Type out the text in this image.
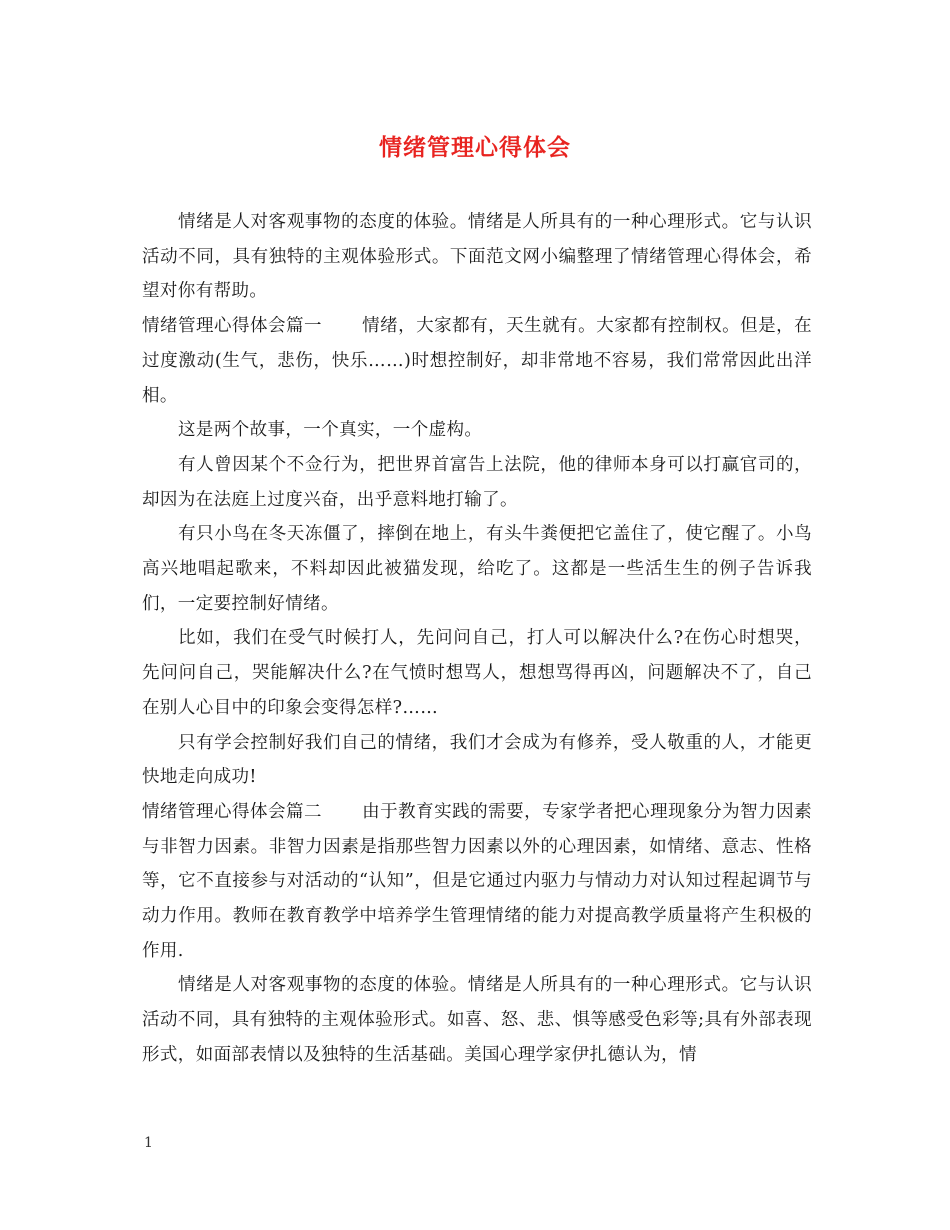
情绪管理心得体会

情绪是人对客观事物的态度的体验。情绪是人所具有的一种心理形式。它与认识活动不同，具有独特的主观体验形式。下面范文网小编整理了情绪管理心得体会，希望对你有帮助。

情绪管理心得体会篇一 情绪，大家都有，天生就有。大家都有控制权。但是，在过度激动(生气，悲伤，快乐……)时想控制好，却非常地不容易，我们常常因此出洋相。

这是两个故事，一个真实，一个虚构。

有人曾因某个不佥行为，把世界首富告上法院，他的律师本身可以打赢官司的，却因为在法庭上过度兴奋，出乎意料地打输了。

有只小鸟在冬天冻僵了，摔倒在地上，有头牛粪便把它盖住了，使它醒了。小鸟高兴地唱起歌来，不料却因此被猫发现，给吃了。这都是一些活生生的例子告诉我们，一定要控制好情绪。

比如，我们在受气时候打人，先问问自己，打人可以解决什么?在伤心时想哭，先问问自己，哭能解决什么?在气愤时想骂人，想想骂得再凶，问题解决不了，自己在别人心目中的印象会变得怎样?……

只有学会控制好我们自己的情绪，我们才会成为有修养，受人敬重的人，才能更快地走向成功!

情绪管理心得体会篇二 由于教育实践的需要，专家学者把心理现象分为智力因素与非智力因素。非智力因素是指那些智力因素以外的心理因素，如情绪、意志、性格等，它不直接参与对活动的“认知”，但是它通过内驱力与情动力对认知过程起调节与动力作用。教师在教育教学中培养学生管理情绪的能力对提高教学质量将产生积极的作用.

情绪是人对客观事物的态度的体验。情绪是人所具有的一种心理形式。它与认识活动不同，具有独特的主观体验形式。如喜、怒、悲、惧等感受色彩等;具有外部表现形式，如面部表情以及独特的生活基础。美国心理学家伊扎德认为，情

1
